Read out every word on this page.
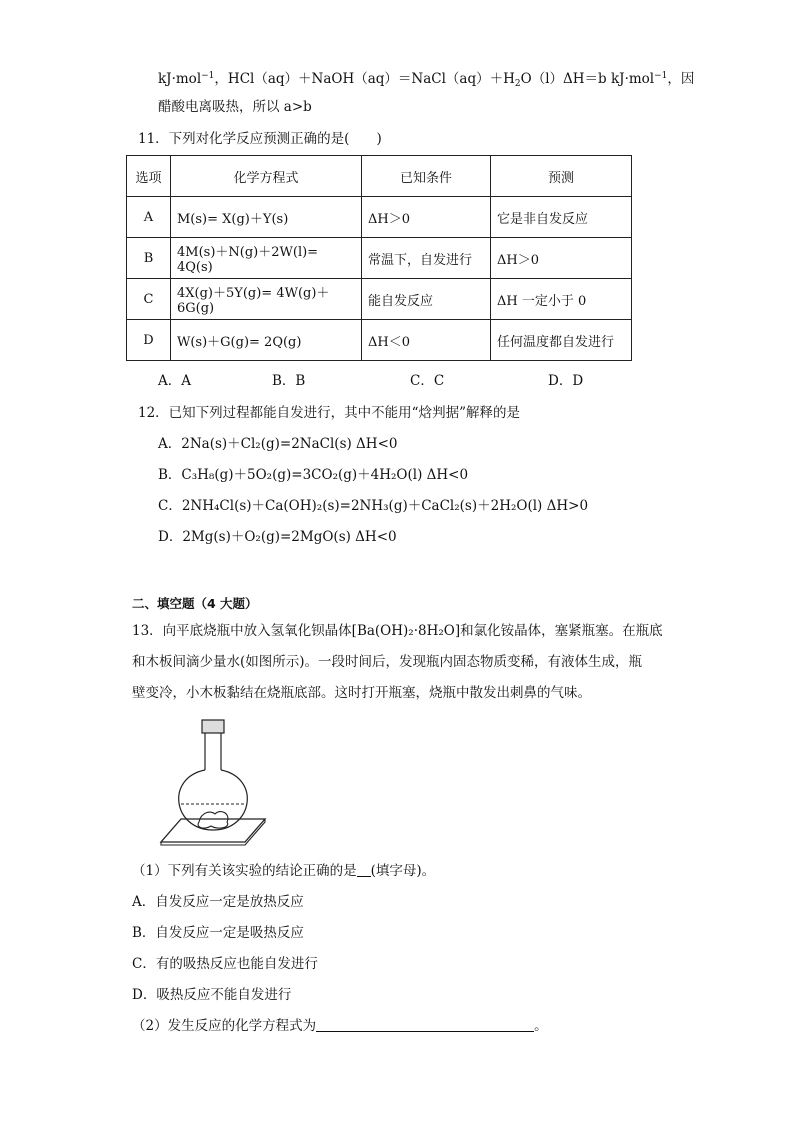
kJ·mol$^{-1}$，$HCl(aq)+NaOH(aq)=NaCl(aq)+H_2O(l)\Delta H=b$ kJ·mol$^{-1}$，因
醋酸电离吸热，所以 a>b
11．下列对化学反应预测正确的是(　　)
选项	化学方程式	已知条件	预测
A	M(s)= X(g)＋Y(s)	ΔH＞0	它是非自发反应
B	4M(s)＋N(g)＋2W(l)= 4Q(s)	常温下，自发进行	ΔH＞0
C	4X(g)＋5Y(g)= 4W(g)＋6G(g)	能自发反应	ΔH 一定小于 0
D	W(s)＋G(g)= 2Q(g)	ΔH＜0	任何温度都自发进行
A．A	B．B	C．C	D．D
12．已知下列过程都能自发进行，其中不能用“焓判据”解释的是
A．2Na(s)＋Cl₂(g)=2NaCl(s) ΔH<0
B．C₃H₈(g)＋5O₂(g)=3CO₂(g)＋4H₂O(l) ΔH<0
C．2NH₄Cl(s)＋Ca(OH)₂(s)=2NH₃(g)＋CaCl₂(s)＋2H₂O(l) ΔH>0
D．2Mg(s)＋O₂(g)=2MgO(s) ΔH<0
二、填空题（4 大题）
13．向平底烧瓶中放入氢氧化钡晶体[Ba(OH)₂·8H₂O]和氯化铵晶体，塞紧瓶塞。在瓶底
和木板间滴少量水(如图所示)。一段时间后，发现瓶内固态物质变稀，有液体生成，瓶
壁变冷，小木板黏结在烧瓶底部。这时打开瓶塞，烧瓶中散发出刺鼻的气味。
（1）下列有关该实验的结论正确的是 (填字母)。
A．自发反应一定是放热反应
B．自发反应一定是吸热反应
C．有的吸热反应也能自发进行
D．吸热反应不能自发进行
（2）发生反应的化学方程式为	。
